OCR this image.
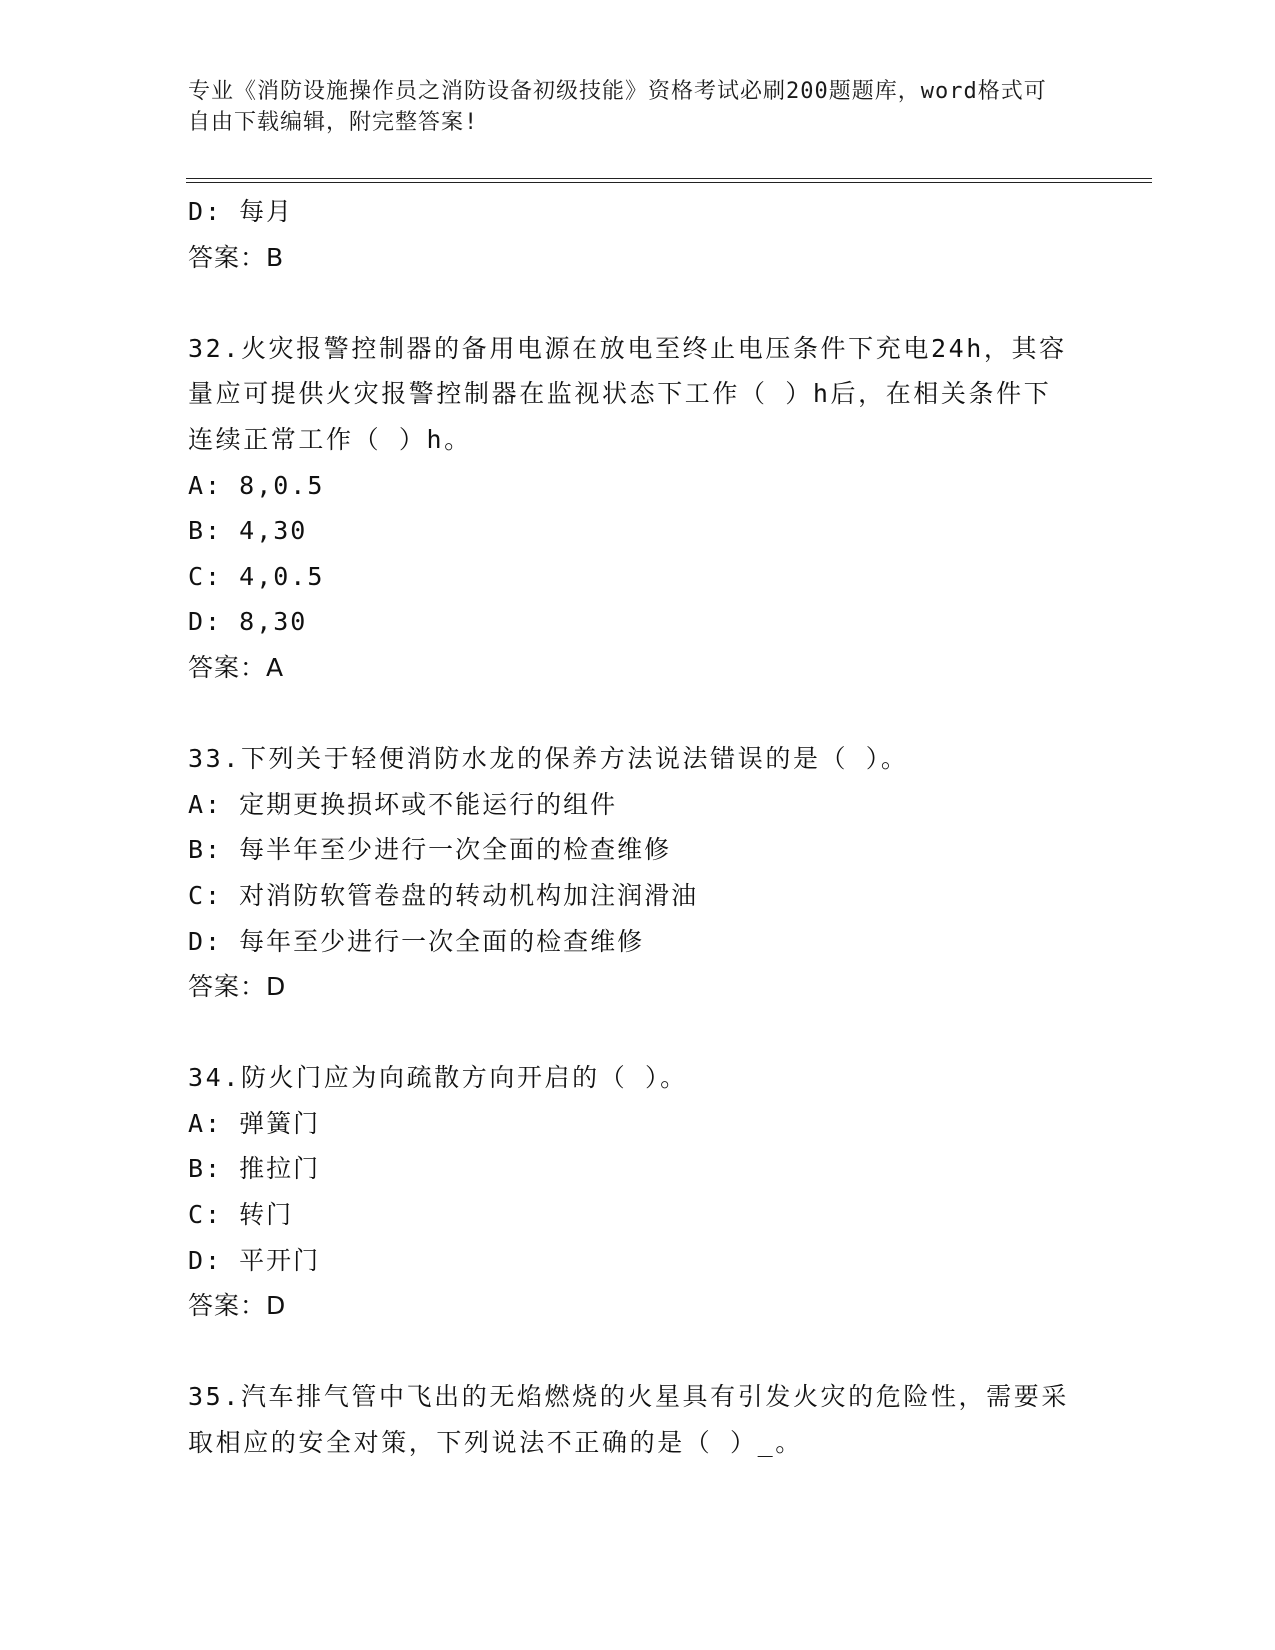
专业《消防设施操作员之消防设备初级技能》资格考试必刷200题题库，word格式可自由下载编辑，附完整答案!

D: 每月

答案：B

32.火灾报警控制器的备用电源在放电至终止电压条件下充电24h，其容量应可提供火灾报警控制器在监视状态下工作（ ）h后，在相关条件下连续正常工作（ ）h。

A: 8,0.5

B: 4,30

C: 4,0.5

D: 8,30

答案：A

33.下列关于轻便消防水龙的保养方法说法错误的是（ ）。

A: 定期更换损坏或不能运行的组件

B: 每半年至少进行一次全面的检查维修

C: 对消防软管卷盘的转动机构加注润滑油

D: 每年至少进行一次全面的检查维修

答案：D

34.防火门应为向疏散方向开启的（ ）。

A: 弹簧门

B: 推拉门

C: 转门

D: 平开门

答案：D

35.汽车排气管中飞出的无焰燃烧的火星具有引发火灾的危险性，需要采取相应的安全对策，下列说法不正确的是（ ）_。
